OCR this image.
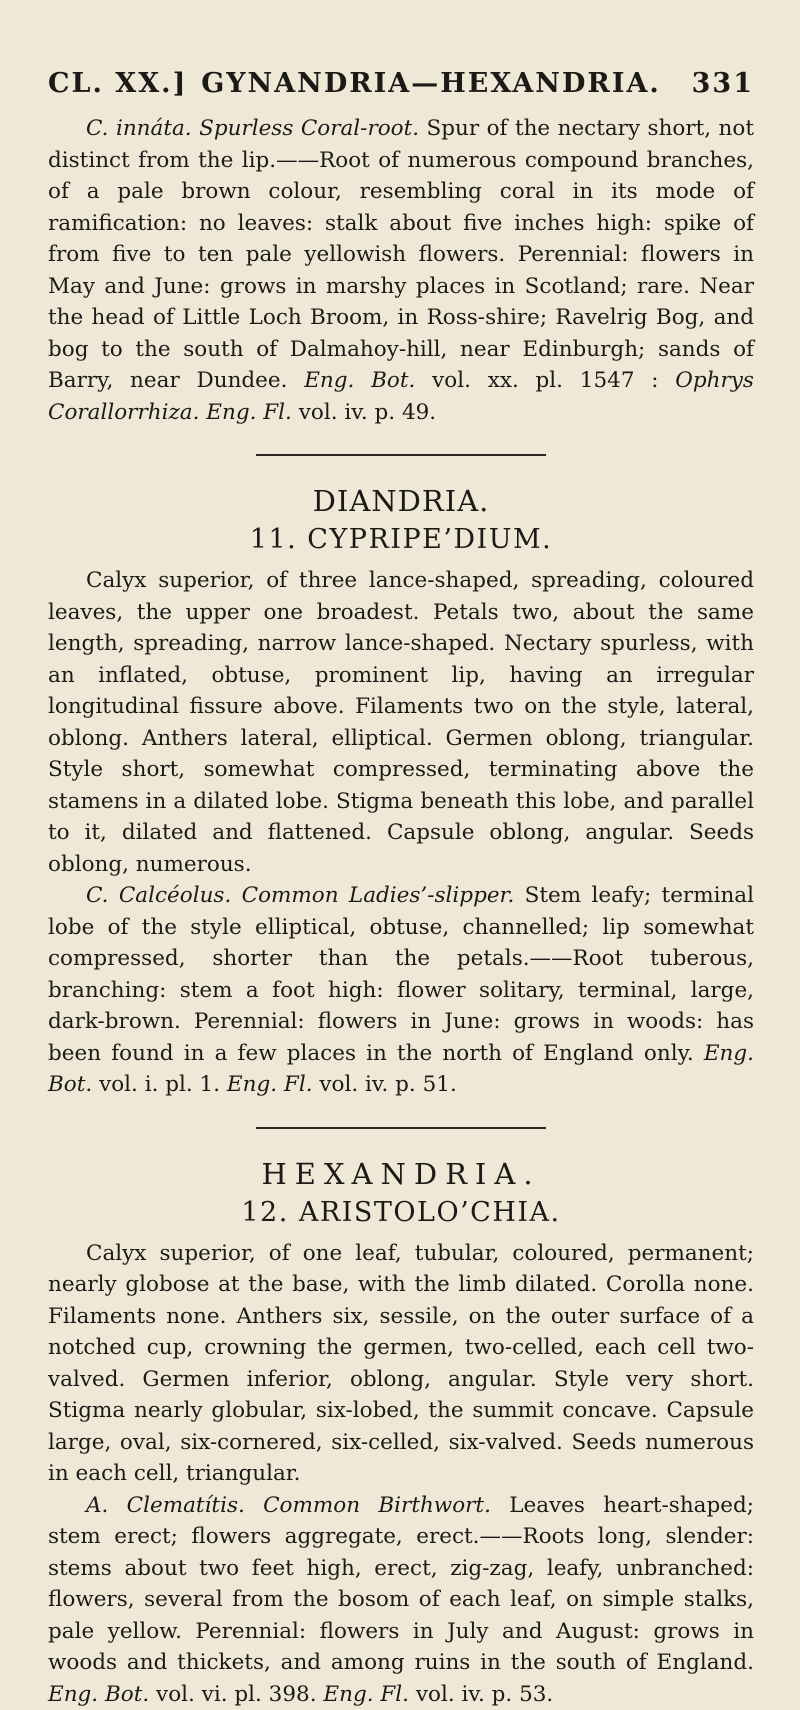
CL. XX.] GYNANDRIA—HEXANDRIA.	331

C. innáta. Spurless Coral-root. Spur of the nectary short, not distinct from the lip.——Root of numerous compound branches, of a pale brown colour, resembling coral in its mode of ramification: no leaves: stalk about five inches high: spike of from five to ten pale yellowish flowers. Perennial: flowers in May and June: grows in marshy places in Scotland; rare. Near the head of Little Loch Broom, in Ross-shire; Ravelrig Bog, and bog to the south of Dalmahoy-hill, near Edinburgh; sands of Barry, near Dundee. Eng. Bot. vol. xx. pl. 1547 : Ophrys Corallorrhiza. Eng. Fl. vol. iv. p. 49.

DIANDRIA.
11. CYPRIPE’DIUM.

Calyx superior, of three lance-shaped, spreading, coloured leaves, the upper one broadest. Petals two, about the same length, spreading, narrow lance-shaped. Nectary spurless, with an inflated, obtuse, prominent lip, having an irregular longitudinal fissure above. Filaments two on the style, lateral, oblong. Anthers lateral, elliptical. Germen oblong, triangular. Style short, somewhat compressed, terminating above the stamens in a dilated lobe. Stigma beneath this lobe, and parallel to it, dilated and flattened. Capsule oblong, angular. Seeds oblong, numerous.

C. Calcéolus. Common Ladies’-slipper. Stem leafy; terminal lobe of the style elliptical, obtuse, channelled; lip somewhat compressed, shorter than the petals.——Root tuberous, branching: stem a foot high: flower solitary, terminal, large, dark-brown. Perennial: flowers in June: grows in woods: has been found in a few places in the north of England only. Eng. Bot. vol. i. pl. 1. Eng. Fl. vol. iv. p. 51.

HEXANDRIA.
12. ARISTOLO’CHIA.

Calyx superior, of one leaf, tubular, coloured, permanent; nearly globose at the base, with the limb dilated. Corolla none. Filaments none. Anthers six, sessile, on the outer surface of a notched cup, crowning the germen, two-celled, each cell two-valved. Germen inferior, oblong, angular. Style very short. Stigma nearly globular, six-lobed, the summit concave. Capsule large, oval, six-cornered, six-celled, six-valved. Seeds numerous in each cell, triangular.

A. Clematítis. Common Birthwort. Leaves heart-shaped; stem erect; flowers aggregate, erect.——Roots long, slender: stems about two feet high, erect, zig-zag, leafy, unbranched: flowers, several from the bosom of each leaf, on simple stalks, pale yellow. Perennial: flowers in July and August: grows in woods and thickets, and among ruins in the south of England. Eng. Bot. vol. vi. pl. 398. Eng. Fl. vol. iv. p. 53.
